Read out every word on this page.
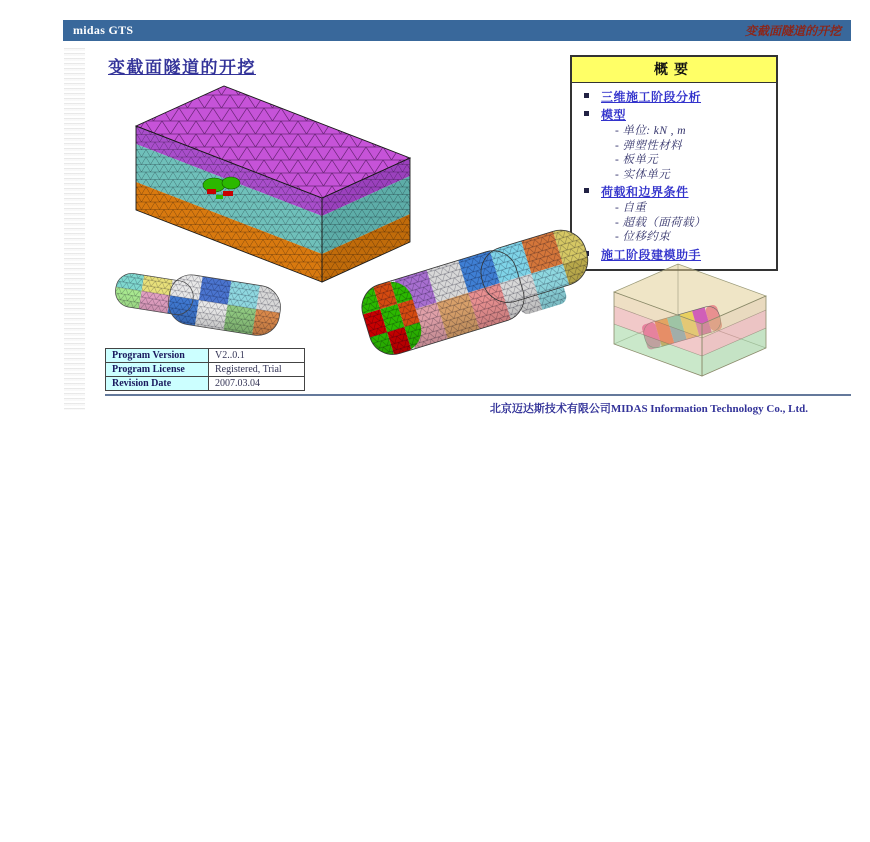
midas GTS	变截面隧道的开挖
变截面隧道的开挖	概要
三维施工阶段分析
模型
- 单位: kN , m
- 弹塑性材料
- 板单元
- 实体单元
荷载和边界条件
- 自重
- 超载（面荷载）
- 位移约束
施工阶段建模助手
Program Version	V2..0.1
Program License	Registered, Trial
Revision Date	2007.03.04
北京迈达斯技术有限公司MIDAS Information Technology Co., Ltd.
